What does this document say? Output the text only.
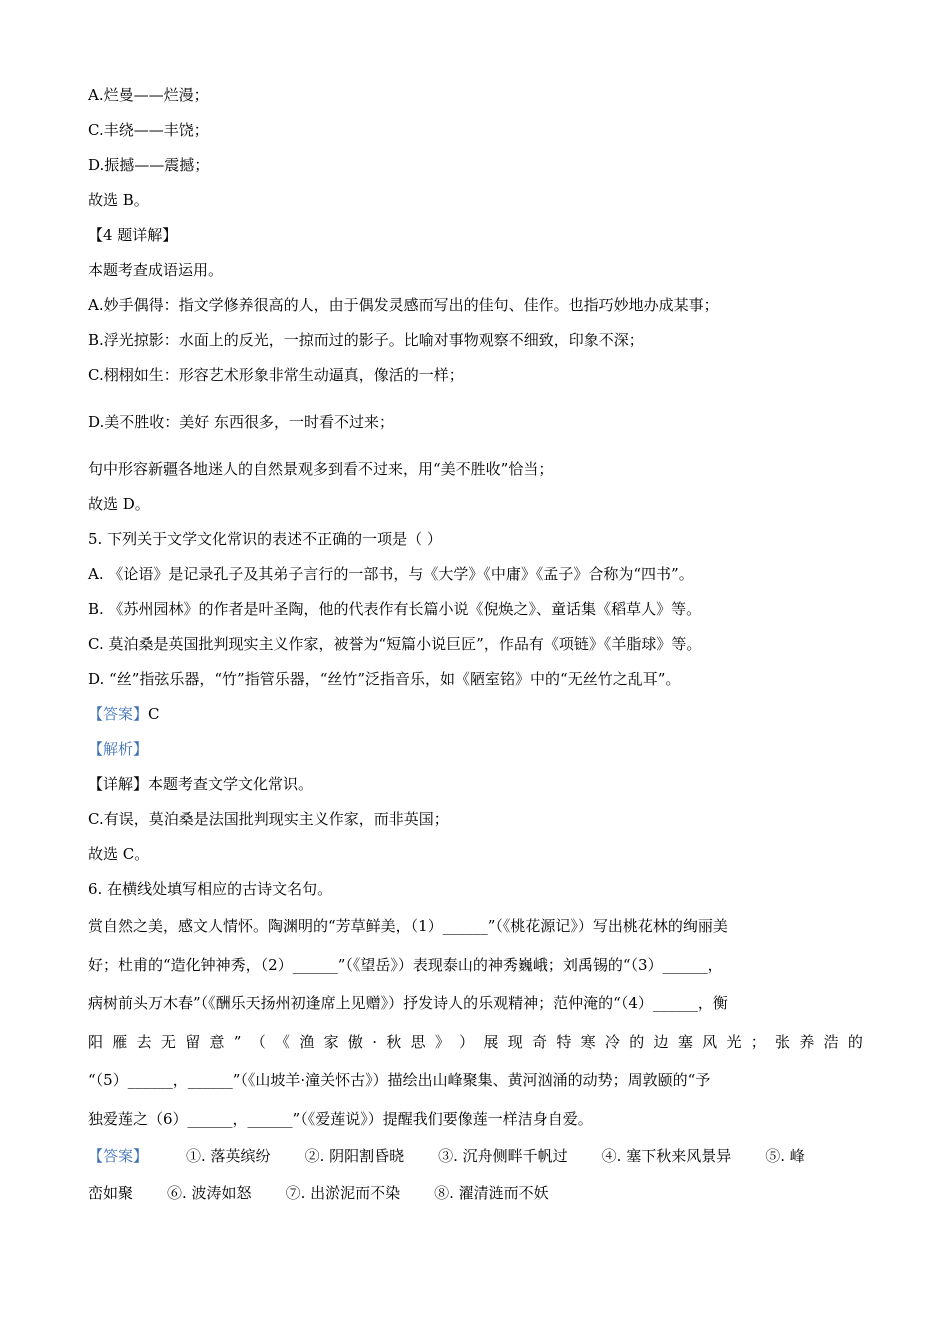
A.烂曼——烂漫；
C.丰绕——丰饶；
D.振撼——震撼；
故选 B。
【4 题详解】
本题考查成语运用。
A.妙手偶得：指文学修养很高的人，由于偶发灵感而写出的佳句、佳作。也指巧妙地办成某事；
B.浮光掠影：水面上的反光，一掠而过的影子。比喻对事物观察不细致，印象不深；
C.栩栩如生：形容艺术形象非常生动逼真，像活的一样；
D.美不胜收：美好 东西很多，一时看不过来；
句中形容新疆各地迷人的自然景观多到看不过来，用“美不胜收”恰当；
故选 D。
5. 下列关于文学文化常识的表述不正确的一项是（ ）
A. 《论语》是记录孔子及其弟子言行的一部书，与《大学》《中庸》《孟子》合称为“四书”。
B. 《苏州园林》的作者是叶圣陶，他的代表作有长篇小说《倪焕之》、童话集《稻草人》等。
C. 莫泊桑是英国批判现实主义作家，被誉为“短篇小说巨匠”，作品有《项链》《羊脂球》等。
D. “丝”指弦乐器，“竹”指管乐器，“丝竹”泛指音乐，如《陋室铭》中的“无丝竹之乱耳”。
【答案】C
【解析】
【详解】本题考查文学文化常识。
C.有误，莫泊桑是法国批判现实主义作家，而非英国；
故选 C。
6. 在横线处填写相应的古诗文名句。
赏自然之美，感文人情怀。陶渊明的“芳草鲜美，（1）______”（《桃花源记》）写出桃花林的绚丽美
好；杜甫的“造化钟神秀，（2）______”（《望岳》）表现泰山的神秀巍峨；刘禹锡的“（3）______，
病树前头万木春”（《酬乐天扬州初逢席上见赠》）抒发诗人的乐观精神；范仲淹的“（4）______，衡
阳 雁 去 无 留 意 ” （ 《 渔 家 傲 · 秋 思 》 ） 展 现 奇 特 寒 冷 的 边 塞 风 光 ； 张 养 浩 的
“（5）______，______”（《山坡羊·潼关怀古》）描绘出山峰聚集、黄河汹涌的动势；周敦颐的“予
独爱莲之（6）______，______”（《爱莲说》）提醒我们要像莲一样洁身自爱。
【答案】	①. 落英缤纷 ②. 阴阳割昏晓 ③. 沉舟侧畔千帆过 ④. 塞下秋来风景异 ⑤. 峰
峦如聚 ⑥. 波涛如怒 ⑦. 出淤泥而不染 ⑧. 濯清涟而不妖
